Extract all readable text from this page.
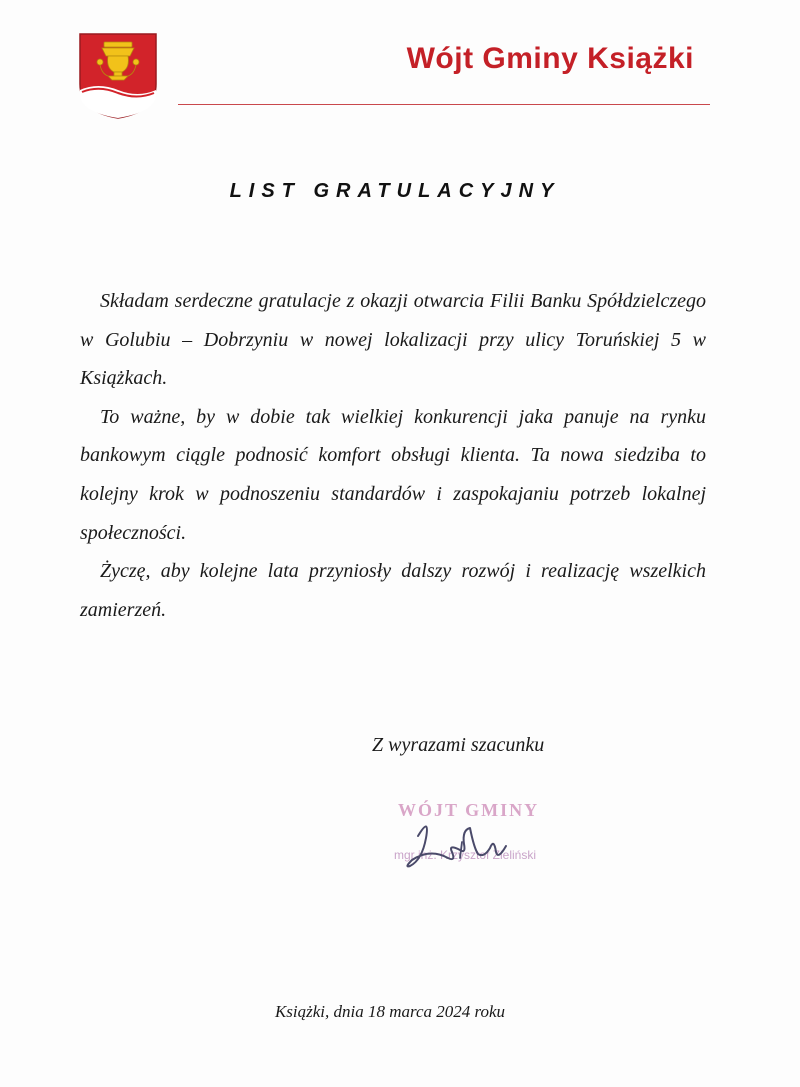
Wójt Gminy Książki
LIST GRATULACYJNY

Składam serdeczne gratulacje z okazji otwarcia Filii Banku Spółdzielczego w Golubiu – Dobrzyniu w nowej lokalizacji przy ulicy Toruńskiej 5 w Książkach.

To ważne, by w dobie tak wielkiej konkurencji jaka panuje na rynku bankowym ciągle podnosić komfort obsługi klienta. Ta nowa siedziba to kolejny krok w podnoszeniu standardów i zaspokajaniu potrzeb lokalnej społeczności.

Życzę, aby kolejne lata przyniosły dalszy rozwój i realizację wszelkich zamierzeń.

Z wyrazami szacunku
WÓJT GMINY
mgr inż. Krzysztof Zieliński
Książki, dnia 18 marca 2024 roku
